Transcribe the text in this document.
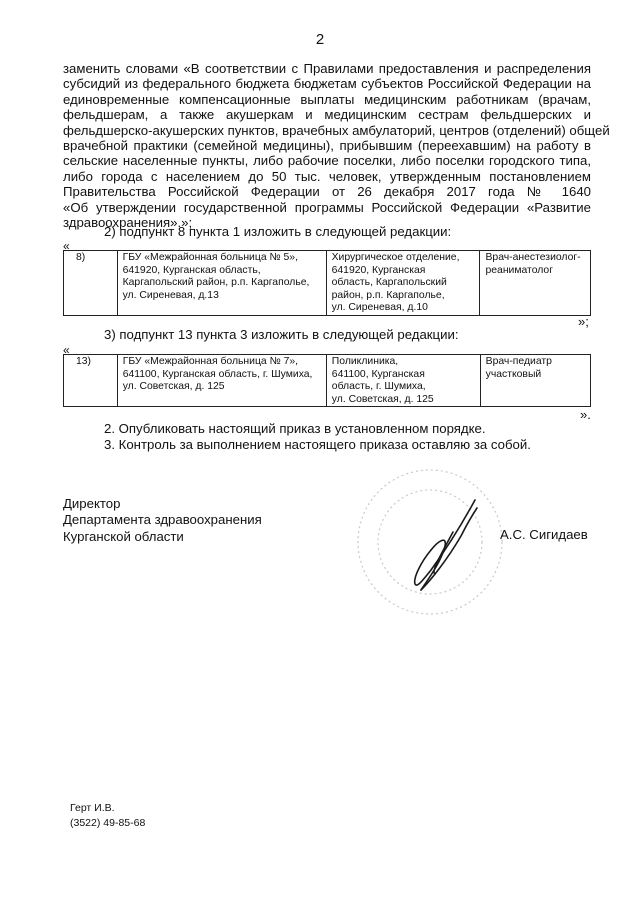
2
заменить словами «В соответствии с Правилами предоставления и распределения
субсидий из федерального бюджета бюджетам субъектов Российской Федерации на
единовременные компенсационные выплаты медицинским работникам (врачам,
фельдшерам, а также акушеркам и медицинским сестрам фельдшерских и
фельдшерско-акушерских пунктов, врачебных амбулаторий, центров (отделений) общей
врачебной практики (семейной медицины), прибывшим (переехавшим) на работу в
сельские населенные пункты, либо рабочие поселки, либо поселки городского типа,
либо города с населением до 50 тыс. человек, утвержденным постановлением
Правительства Российской Федерации от 26 декабря 2017 года № 1640
«Об утверждении государственной программы Российской Федерации «Развитие
здравоохранения».»;
2) подпункт 8 пункта 1 изложить в следующей редакции:
«
8)	ГБУ «Межрайонная больница № 5»,
641920, Курганская область,
Каргапольский район, р.п. Каргаполье,
ул. Сиреневая, д.13

Хирургическое отделение,
641920, Курганская
область, Каргапольский
район, р.п. Каргаполье,
ул. Сиреневая, д.10

Врач-анестезиолог-
реаниматолог
»;
3) подпункт 13 пункта 3 изложить в следующей редакции:
«
13)	ГБУ «Межрайонная больница № 7»,
641100, Курганская область, г. Шумиха,
ул. Советская, д. 125

Поликлиника,
641100, Курганская
область, г. Шумиха,
ул. Советская, д. 125

Врач-педиатр
участковый
».
2. Опубликовать настоящий приказ в установленном порядке.
3. Контроль за выполнением настоящего приказа оставляю за собой.
Директор
Департамента здравоохранения
Курганской области	А.С. Сигидаев
Герт И.В.
(3522) 49-85-68
